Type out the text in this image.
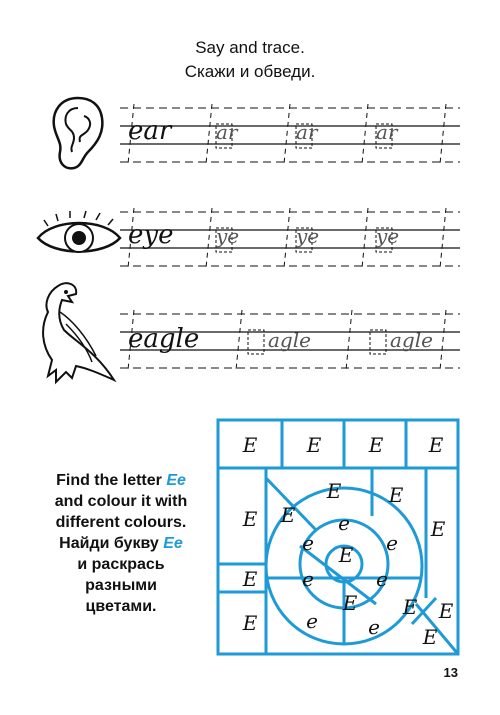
Say and trace.
Скажи и обведи.
ear ar	ar	ar
eye ye	ye	ye
eagle	agle	agle
Find the letter Ee
and colour it with
different colours.
Найди букву Ee
и раскрась
разными
цветами.
E E E E
E E
E E
E
E
E
E
E E E
E
e
e	e
e	e
e	e
13
